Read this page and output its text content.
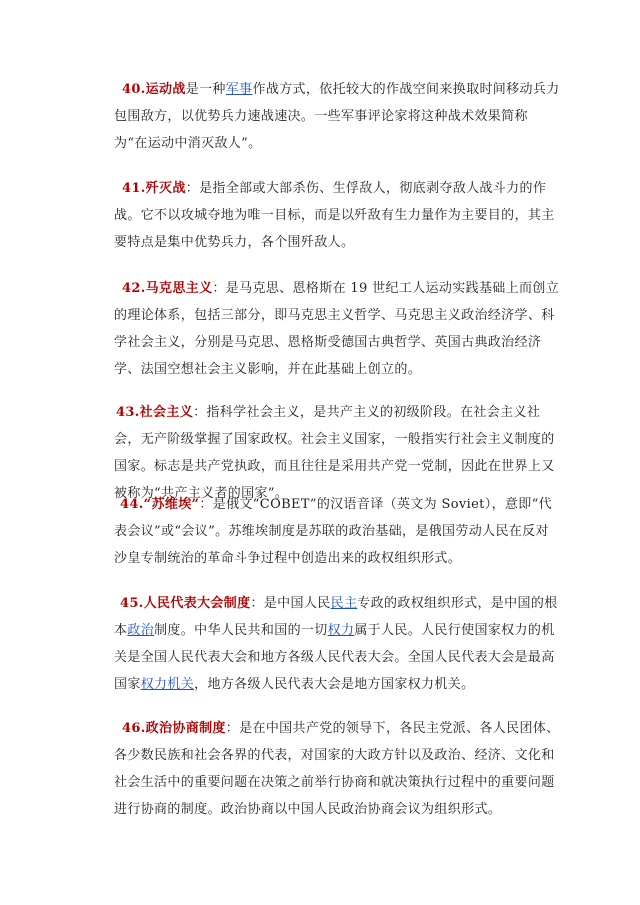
40.运动战是一种军事作战方式，依托较大的作战空间来换取时间移动兵力包围敌方，以优势兵力速战速决。一些军事评论家将这种战术效果简称为“在运动中消灭敌人”。

41.歼灭战：是指全部或大部杀伤、生俘敌人，彻底剥夺敌人战斗力的作战。它不以攻城夺地为唯一目标，而是以歼敌有生力量作为主要目的，其主要特点是集中优势兵力，各个围歼敌人。

42.马克思主义：是马克思、恩格斯在 19 世纪工人运动实践基础上而创立的理论体系，包括三部分，即马克思主义哲学、马克思主义政治经济学、科学社会主义，分别是马克思、恩格斯受德国古典哲学、英国古典政治经济学、法国空想社会主义影响，并在此基础上创立的。

43.社会主义：指科学社会主义，是共产主义的初级阶段。在社会主义社会，无产阶级掌握了国家政权。社会主义国家，一般指实行社会主义制度的国家。标志是共产党执政，而且往往是采用共产党一党制，因此在世界上又被称为“共产主义者的国家”。

44.“苏维埃”：是俄文“COBET”的汉语音译（英文为 Soviet），意即“代表会议”或“会议”。苏维埃制度是苏联的政治基础，是俄国劳动人民在反对沙皇专制统治的革命斗争过程中创造出来的政权组织形式。

45.人民代表大会制度：是中国人民民主专政的政权组织形式，是中国的根本政治制度。中华人民共和国的一切权力属于人民。人民行使国家权力的机关是全国人民代表大会和地方各级人民代表大会。全国人民代表大会是最高国家权力机关，地方各级人民代表大会是地方国家权力机关。

46.政治协商制度：是在中国共产党的领导下，各民主党派、各人民团体、各少数民族和社会各界的代表，对国家的大政方针以及政治、经济、文化和社会生活中的重要问题在决策之前举行协商和就决策执行过程中的重要问题进行协商的制度。政治协商以中国人民政治协商会议为组织形式。
